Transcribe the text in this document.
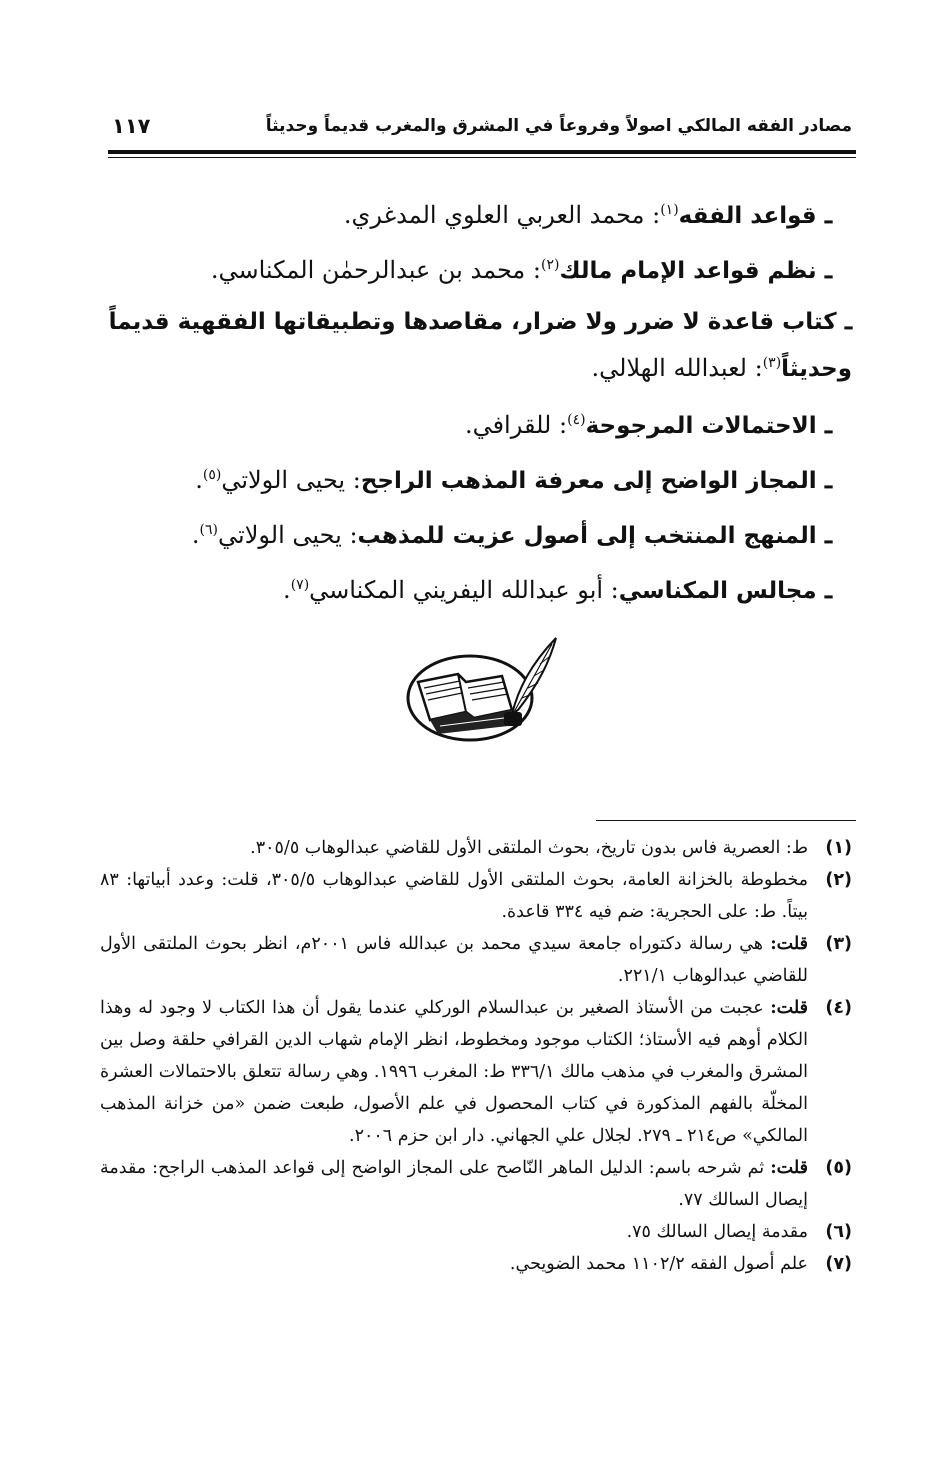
مصادر الفقه المالكي اصولاً وفروعاً في المشرق والمغرب قديماً وحديثاً
١١٧
ـ قواعد الفقه$^{(١)}$: محمد العربي العلوي المدغري.
ـ نظم قواعد الإمام مالك$^{(٢)}$: محمد بن عبدالرحمٰن المكناسي.
ـ كتاب قاعدة لا ضرر ولا ضرار، مقاصدها وتطبيقاتها الفقهية قديماً وحديثاً$^{(٣)}$: لعبدالله الهلالي.
ـ الاحتمالات المرجوحة$^{(٤)}$: للقرافي.
ـ المجاز الواضح إلى معرفة المذهب الراجح: يحيى الولاتي$^{(٥)}$.
ـ المنهج المنتخب إلى أصول عزيت للمذهب: يحيى الولاتي$^{(٦)}$.
ـ مجالس المكناسي: أبو عبدالله اليفريني المكناسي$^{(٧)}$.
(١)
ط: العصرية فاس بدون تاريخ، بحوث الملتقى الأول للقاضي عبدالوهاب ٣٠٥/٥.
(٢)
مخطوطة بالخزانة العامة، بحوث الملتقى الأول للقاضي عبدالوهاب ٣٠٥/٥، قلت: وعدد أبياتها: ٨٣ بيتاً. ط: على الحجرية: ضم فيه ٣٣٤ قاعدة.
(٣)
قلت: هي رسالة دكتوراه جامعة سيدي محمد بن عبدالله فاس ٢٠٠١م، انظر بحوث الملتقى الأول للقاضي عبدالوهاب ٢٢١/١.
(٤)
قلت: عجبت من الأستاذ الصغير بن عبدالسلام الوركلي عندما يقول أن هذا الكتاب لا وجود له وهذا الكلام أوهم فيه الأستاذ؛ الكتاب موجود ومخطوط، انظر الإمام شهاب الدين القرافي حلقة وصل بين المشرق والمغرب في مذهب مالك ٣٣٦/١ ط: المغرب ١٩٩٦. وهي رسالة تتعلق بالاحتمالات العشرة المخلّة بالفهم المذكورة في كتاب المحصول في علم الأصول، طبعت ضمن «من خزانة المذهب المالكي» ص٢١٤ ـ ٢٧٩. لجلال علي الجهاني. دار ابن حزم ٢٠٠٦.
(٥)
قلت: ثم شرحه باسم: الدليل الماهر النّاصح على المجاز الواضح إلى قواعد المذهب الراجح: مقدمة إيصال السالك ٧٧.
(٦)
مقدمة إيصال السالك ٧٥.
(٧)
علم أصول الفقه ١١٠٢/٢ محمد الضويحي.
